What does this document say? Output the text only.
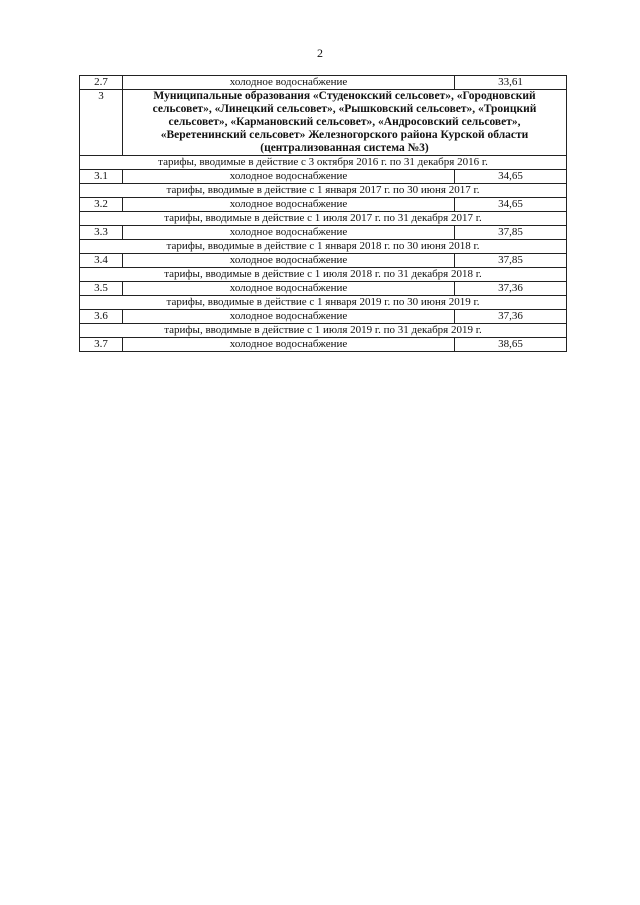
2
2.7	холодное водоснабжение	33,61
3	Муниципальные образования «Студенокский сельсовет», «Городновский сельсовет», «Линецкий сельсовет», «Рышковский сельсовет», «Троицкий сельсовет», «Кармановский сельсовет», «Андросовский сельсовет», «Веретенинский сельсовет» Железногорского района Курской области (централизованная система №3)	
тарифы, вводимые в действие с 3 октября 2016 г. по 31 декабря 2016 г.		
3.1	холодное водоснабжение	34,65
тарифы, вводимые в действие с 1 января 2017 г. по 30 июня 2017 г.		
3.2	холодное водоснабжение	34,65
тарифы, вводимые в действие с 1 июля 2017 г. по 31 декабря 2017 г.		
3.3	холодное водоснабжение	37,85
тарифы, вводимые в действие с 1 января 2018 г. по 30 июня 2018 г.		
3.4	холодное водоснабжение	37,85
тарифы, вводимые в действие с 1 июля 2018 г. по 31 декабря 2018 г.		
3.5	холодное водоснабжение	37,36
тарифы, вводимые в действие с 1 января 2019 г. по 30 июня 2019 г.		
3.6	холодное водоснабжение	37,36
тарифы, вводимые в действие с 1 июля 2019 г. по 31 декабря 2019 г.		
3.7	холодное водоснабжение	38,65
